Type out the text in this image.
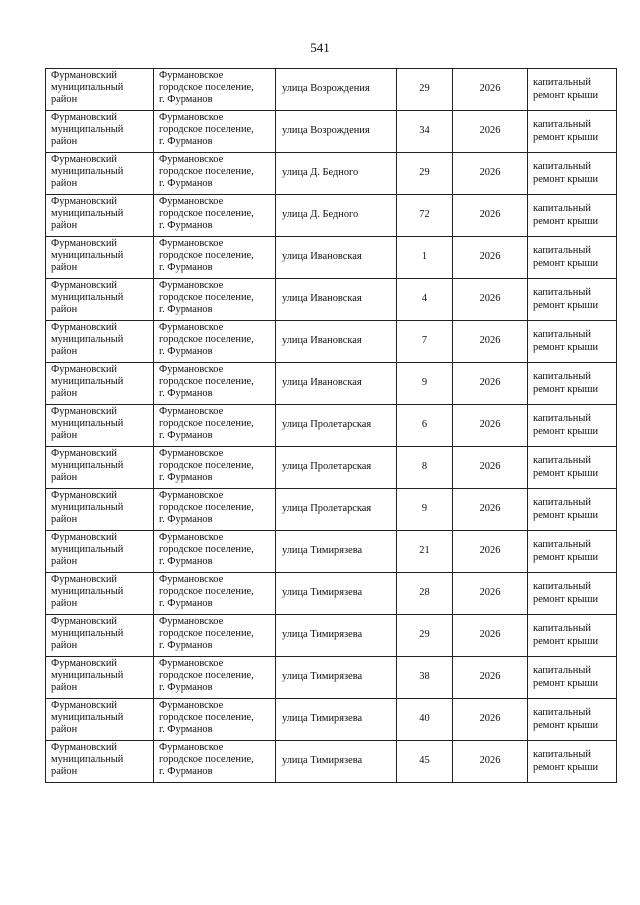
541
Фурмановский
муниципальный
район	Фурмановское
городское поселение,
г. Фурманов	улица Возрождения	29	2026	капитальный
ремонт крыши

Фурмановский
муниципальный
район	Фурмановское
городское поселение,
г. Фурманов	улица Возрождения	34	2026	капитальный
ремонт крыши

Фурмановский
муниципальный
район	Фурмановское
городское поселение,
г. Фурманов	улица Д. Бедного	29	2026	капитальный
ремонт крыши

Фурмановский
муниципальный
район	Фурмановское
городское поселение,
г. Фурманов	улица Д. Бедного	72	2026	капитальный
ремонт крыши

Фурмановский
муниципальный
район	Фурмановское
городское поселение,
г. Фурманов	улица Ивановская	1	2026	капитальный
ремонт крыши

Фурмановский
муниципальный
район	Фурмановское
городское поселение,
г. Фурманов	улица Ивановская	4	2026	капитальный
ремонт крыши

Фурмановский
муниципальный
район	Фурмановское
городское поселение,
г. Фурманов	улица Ивановская	7	2026	капитальный
ремонт крыши

Фурмановский
муниципальный
район	Фурмановское
городское поселение,
г. Фурманов	улица Ивановская	9	2026	капитальный
ремонт крыши

Фурмановский
муниципальный
район	Фурмановское
городское поселение,
г. Фурманов	улица Пролетарская	6	2026	капитальный
ремонт крыши

Фурмановский
муниципальный
район	Фурмановское
городское поселение,
г. Фурманов	улица Пролетарская	8	2026	капитальный
ремонт крыши

Фурмановский
муниципальный
район	Фурмановское
городское поселение,
г. Фурманов	улица Пролетарская	9	2026	капитальный
ремонт крыши

Фурмановский
муниципальный
район	Фурмановское
городское поселение,
г. Фурманов	улица Тимирязева	21	2026	капитальный
ремонт крыши

Фурмановский
муниципальный
район	Фурмановское
городское поселение,
г. Фурманов	улица Тимирязева	28	2026	капитальный
ремонт крыши

Фурмановский
муниципальный
район	Фурмановское
городское поселение,
г. Фурманов	улица Тимирязева	29	2026	капитальный
ремонт крыши

Фурмановский
муниципальный
район	Фурмановское
городское поселение,
г. Фурманов	улица Тимирязева	38	2026	капитальный
ремонт крыши

Фурмановский
муниципальный
район	Фурмановское
городское поселение,
г. Фурманов	улица Тимирязева	40	2026	капитальный
ремонт крыши

Фурмановский
муниципальный
район	Фурмановское
городское поселение,
г. Фурманов	улица Тимирязева	45	2026	капитальный
ремонт крыши
